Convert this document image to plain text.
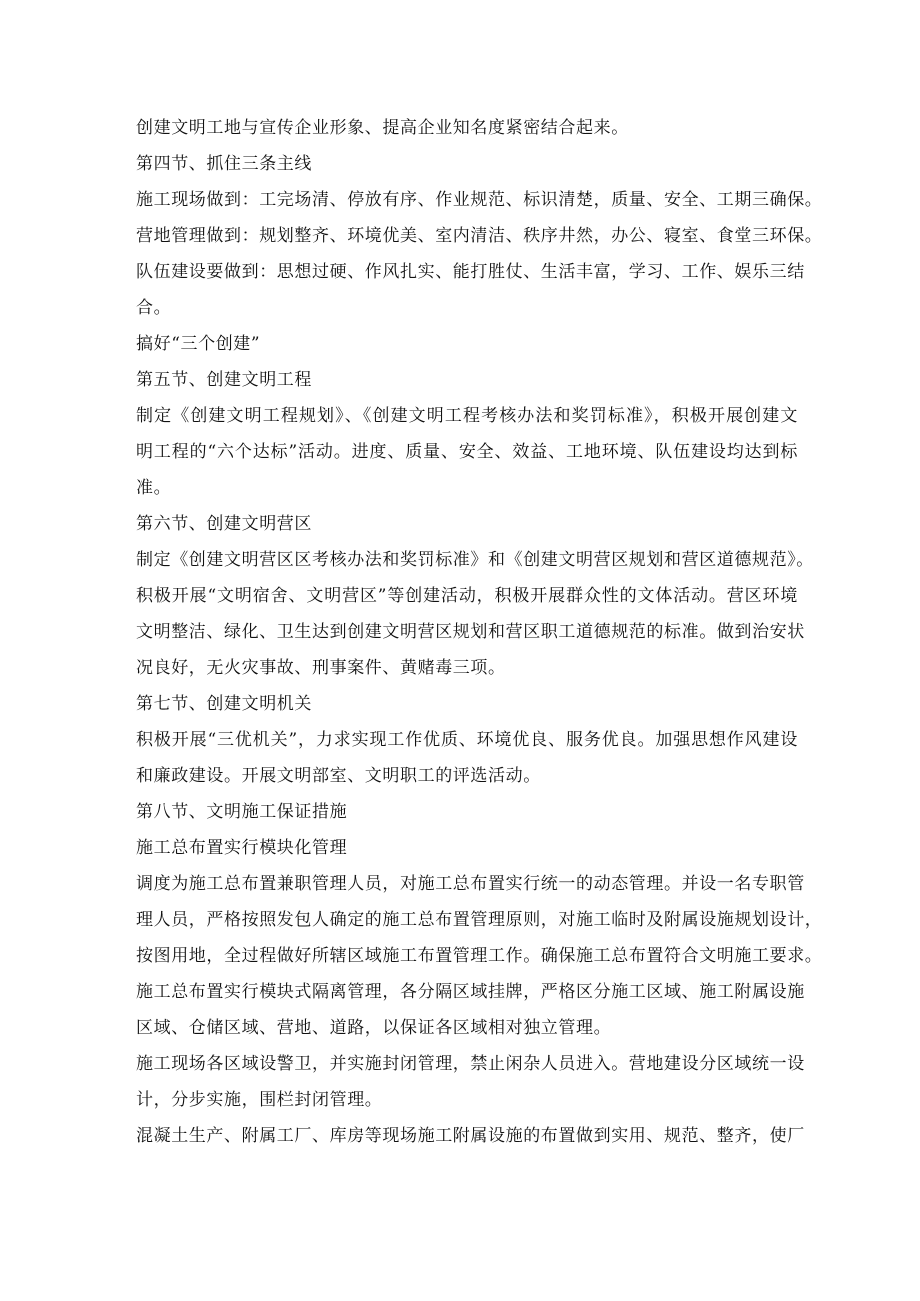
创建文明工地与宣传企业形象、提高企业知名度紧密结合起来。
第四节、抓住三条主线
施工现场做到：工完场清、停放有序、作业规范、标识清楚，质量、安全、工期三确保。
营地管理做到：规划整齐、环境优美、室内清洁、秩序井然，办公、寝室、食堂三环保。
队伍建设要做到：思想过硬、作风扎实、能打胜仗、生活丰富，学习、工作、娱乐三结
合。
搞好“三个创建”
第五节、创建文明工程
制定《创建文明工程规划》、《创建文明工程考核办法和奖罚标准》，积极开展创建文
明工程的“六个达标”活动。进度、质量、安全、效益、工地环境、队伍建设均达到标
准。
第六节、创建文明营区
制定《创建文明营区区考核办法和奖罚标准》和《创建文明营区规划和营区道德规范》。
积极开展“文明宿舍、文明营区”等创建活动，积极开展群众性的文体活动。营区环境
文明整洁、绿化、卫生达到创建文明营区规划和营区职工道德规范的标准。做到治安状
况良好，无火灾事故、刑事案件、黄赌毒三项。
第七节、创建文明机关
积极开展“三优机关”，力求实现工作优质、环境优良、服务优良。加强思想作风建设
和廉政建设。开展文明部室、文明职工的评选活动。
第八节、文明施工保证措施
施工总布置实行模块化管理
调度为施工总布置兼职管理人员，对施工总布置实行统一的动态管理。并设一名专职管
理人员，严格按照发包人确定的施工总布置管理原则，对施工临时及附属设施规划设计，
按图用地，全过程做好所辖区域施工布置管理工作。确保施工总布置符合文明施工要求。
施工总布置实行模块式隔离管理，各分隔区域挂牌，严格区分施工区域、施工附属设施
区域、仓储区域、营地、道路，以保证各区域相对独立管理。
施工现场各区域设警卫，并实施封闭管理，禁止闲杂人员进入。营地建设分区域统一设
计，分步实施，围栏封闭管理。
混凝土生产、附属工厂、库房等现场施工附属设施的布置做到实用、规范、整齐，使厂
